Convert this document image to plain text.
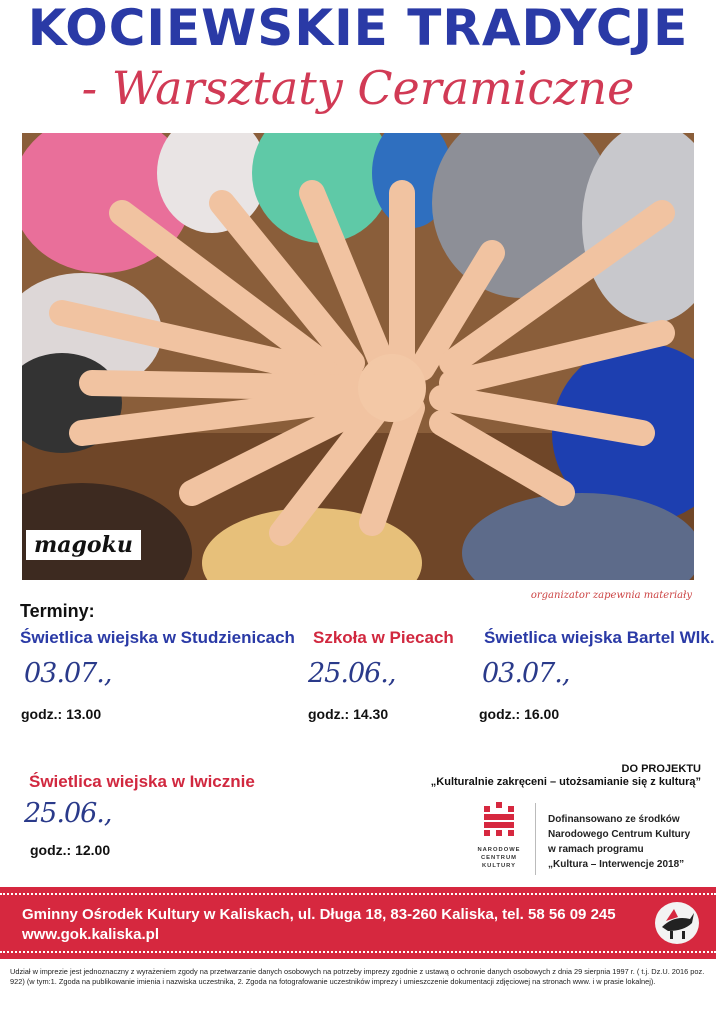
KOCIEWSKIE TRADYCJE
- Warsztaty Ceramiczne
magoku
organizator zapewnia materiały
Terminy:
Świetlica wiejska w Studzienicach
03.07.,
godz.: 13.00
Szkoła w Piecach
25.06.,
godz.: 14.30
Świetlica wiejska Bartel Wlk.
03.07.,
godz.: 16.00
Świetlica wiejska w Iwicznie
25.06.,
godz.: 12.00
DO PROJEKTU
„Kulturalnie zakręceni – utożsamianie się z kulturą”
NARODOWE
CENTRUM
KULTURY
Dofinansowano ze środków
Narodowego Centrum Kultury
w ramach programu
„Kultura – Interwencje 2018”
Gminny Ośrodek Kultury w Kaliskach, ul. Długa 18, 83-260 Kaliska, tel. 58 56 09 245
www.gok.kaliska.pl
Udział w imprezie jest jednoznaczny z wyrażeniem zgody na przetwarzanie danych osobowych na potrzeby imprezy zgodnie z ustawą o ochronie danych osobowych z dnia 29 sierpnia 1997 r. ( t.j. Dz.U. 2016 poz. 922) (w tym:1. Zgoda na publikowanie imienia i nazwiska uczestnika, 2. Zgoda na fotografowanie uczestników imprezy i umieszczenie dokumentacji zdjęciowej na stronach www. i w prasie lokalnej).
